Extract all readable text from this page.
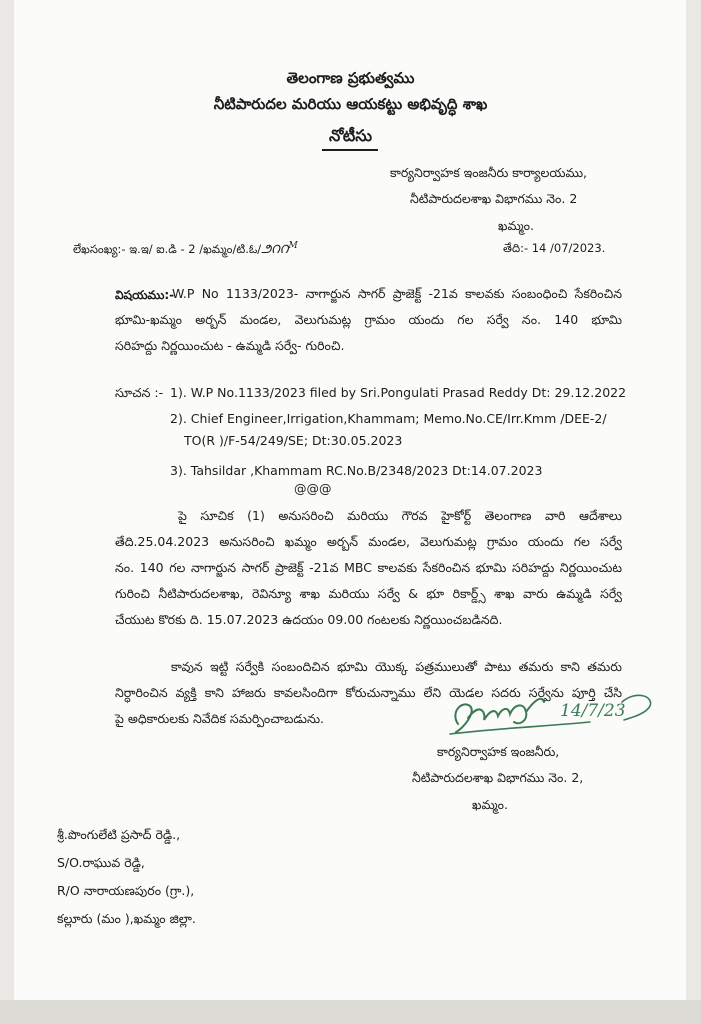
తెలంగాణ ప్రభుత్వము
నీటిపారుదల మరియు ఆయకట్టు అభివృద్ధి శాఖ
నోటీసు
కార్యనిర్వాహక ఇంజనీరు కార్యాలయము,
నీటిపారుదలశాఖ విభాగము నెం. 2
ఖమ్మం.
లేఖసంఖ్య:- ఇ.ఇ/ ఐ.డి - 2 $/ఖమ్మం/టి.ఓ/౨౧౧^M$	తేది:- 14 /07/2023.
విషయము:-
W.P No 1133/2023- నాగార్జున సాగర్ ప్రాజెక్ట్ -21వ కాలవకు సంబంధించి సేకరించిన
భూమి-ఖమ్మం అర్బన్ మండల, వెలుగుమట్ల గ్రామం యందు గల సర్వే నం. 140 భూమి
సరిహద్దు నిర్ణయించుట - ఉమ్మడి సర్వే- గురించి.
సూచన :- 1). W.P No.1133/2023 filed by Sri.Pongulati Prasad Reddy Dt: 29.12.2022
2). Chief Engineer,Irrigation,Khammam; Memo.No.CE/Irr.Kmm /DEE-2/
TO(R )/F-54/249/SE; Dt:30.05.2023
3). Tahsildar ,Khammam RC.No.B/2348/2023 Dt:14.07.2023
@@@
పై సూచిక (1) అనుసరించి మరియు గౌరవ హైకోర్ట్ తెలంగాణ వారి ఆదేశాలు
తేది.25.04.2023 అనుసరించి ఖమ్మం అర్బన్ మండల, వెలుగుమట్ల గ్రామం యందు గల సర్వే
నం. 140 గల నాగార్జున సాగర్ ప్రాజెక్ట్ -21వ MBC కాలవకు సేకరించిన భూమి సరిహద్దు నిర్ణయించుట
గురించి నీటిపారుదలశాఖ, రెవిన్యూ శాఖ మరియు సర్వే & భూ రికార్డ్స్ శాఖ వారు ఉమ్మడి సర్వే
చేయుట కొరకు ది. 15.07.2023 ఉదయం 09.00 గంటలకు నిర్ణయించబడినది.
కావున ఇట్టి సర్వేకి సంబందిచిన భూమి యొక్క పత్రములుతో పాటు తమరు కాని తమరు
నిర్ధారించిన వ్యక్తి కాని హాజరు కావలసిందిగా కోరుచున్నాము లేని యెడల సదరు సర్వేను పూర్తి చేసి
పై అధికారులకు నివేదిక సమర్పించాబడును.	14/7/23
కార్యనిర్వాహక ఇంజనీరు,
నీటిపారుదలశాఖ విభాగము నెం. 2,
ఖమ్మం.
శ్రీ.పొంగులేటి ప్రసాద్ రెడ్డి.,
S/O.రాఘువ రెడ్డి,
R/O నారాయణపురం (గ్రా.),
కల్లూరు (మం ),ఖమ్మం జిల్లా.
